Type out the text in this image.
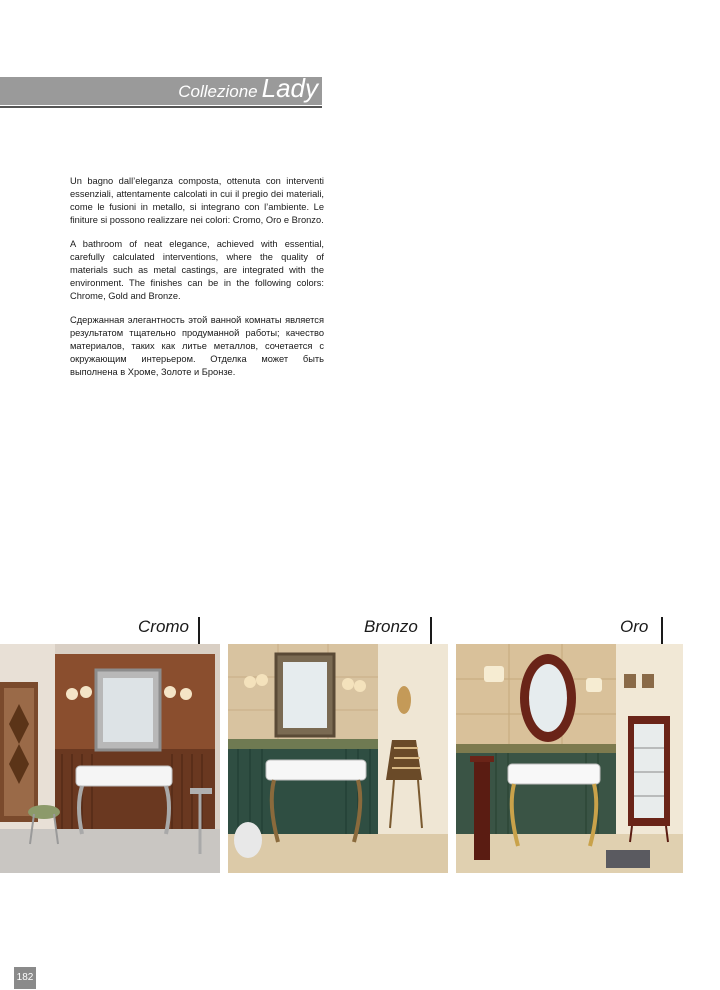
Collezione Lady

Un bagno dall’eleganza composta, ottenuta con interventi essenziali, attentamente calcolati in cui il pregio dei materiali, come le fusioni in metallo, si integrano con l’ambiente. Le finiture si possono realizzare nei colori: Cromo, Oro e Bronzo.

A bathroom of neat elegance, achieved with essential, carefully calculated interventions, where the quality of materials such as metal castings, are integrated with the environment. The finishes can be in the following colors: Chrome, Gold and Bronze.

Сдержанная элегантность этой ванной комнаты является результатом тщательно продуманной работы; качество материалов, таких как литье металлов, сочетается с окружающим интерьером. Отделка может быть выполнена в Хроме, Золоте и Бронзе.

Cromo	Bronzo	Oro
182
